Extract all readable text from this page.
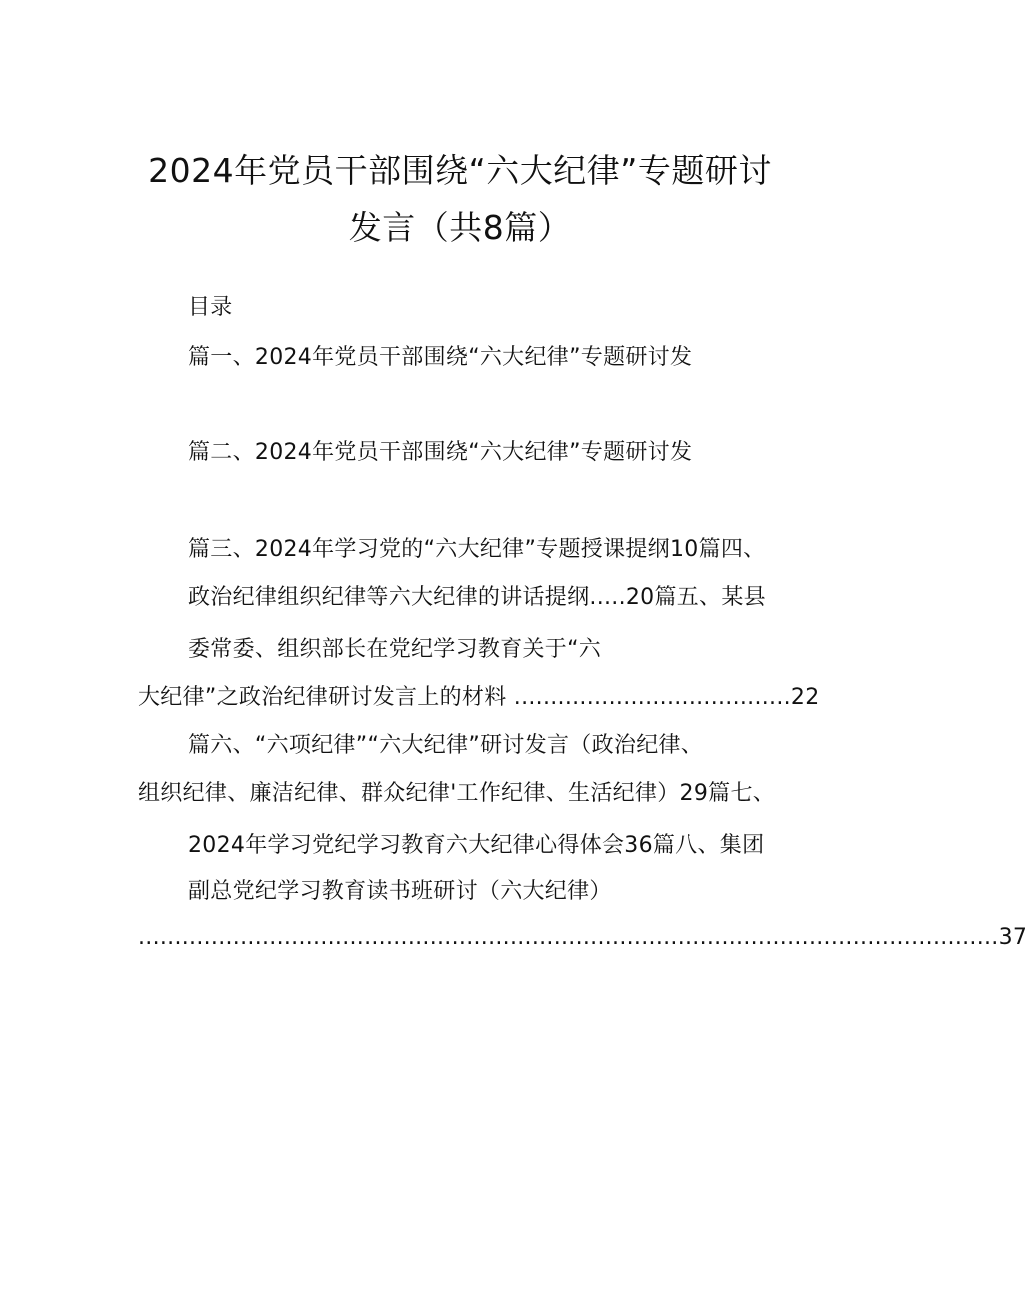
2024年党员干部围绕“六大纪律”专题研讨
发言（共8篇）
目录
篇一、2024年党员干部围绕“六大纪律”专题研讨发
篇二、2024年党员干部围绕“六大纪律”专题研讨发
篇三、2024年学习党的“六大纪律”专题授课提纲10篇四、
政治纪律组织纪律等六大纪律的讲话提纲.....20篇五、某县
委常委、组织部长在党纪学习教育关于“六
大纪律”之政治纪律研讨发言上的材料 ......................................22
篇六、“六项纪律”“六大纪律”研讨发言（政治纪律、
组织纪律、廉洁纪律、群众纪律'工作纪律、生活纪律）29篇七、
2024年学习党纪学习教育六大纪律心得体会36篇八、集团
副总党纪学习教育读书班研讨（六大纪律）
......................................................................................................................37
